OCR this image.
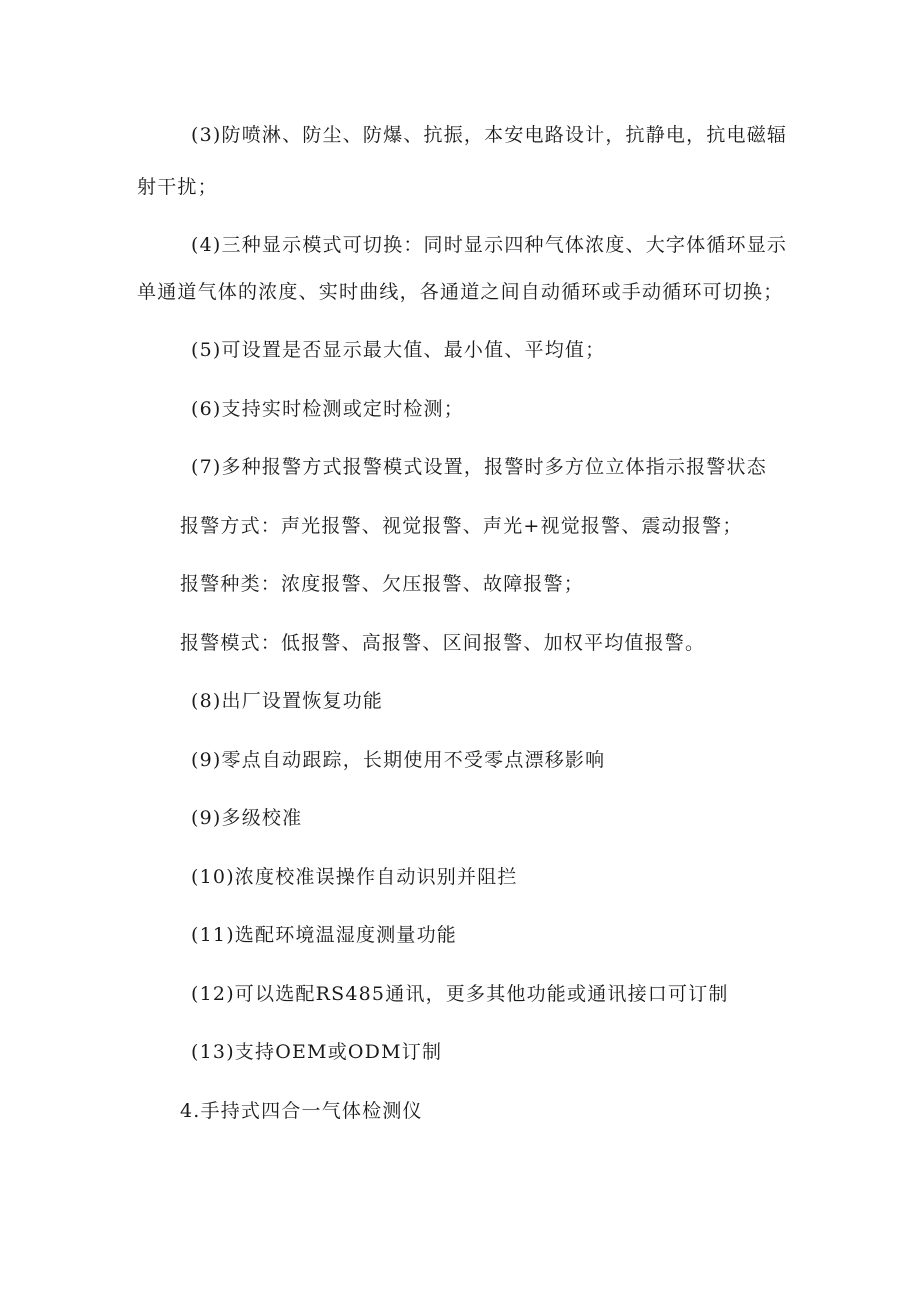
(3)防喷淋、防尘、防爆、抗振，本安电路设计，抗静电，抗电磁辐
射干扰；
(4)三种显示模式可切换：同时显示四种气体浓度、大字体循环显示
单通道气体的浓度、实时曲线，各通道之间自动循环或手动循环可切换；
(5)可设置是否显示最大值、最小值、平均值；
(6)支持实时检测或定时检测；
(7)多种报警方式报警模式设置，报警时多方位立体指示报警状态
报警方式：声光报警、视觉报警、声光+视觉报警、震动报警；
报警种类：浓度报警、欠压报警、故障报警；
报警模式：低报警、高报警、区间报警、加权平均值报警。
(8)出厂设置恢复功能
(9)零点自动跟踪，长期使用不受零点漂移影响
(9)多级校准
(10)浓度校准误操作自动识别并阻拦
(11)选配环境温湿度测量功能
(12)可以选配RS485通讯，更多其他功能或通讯接口可订制
(13)支持OEM或ODM订制
4.手持式四合一气体检测仪
